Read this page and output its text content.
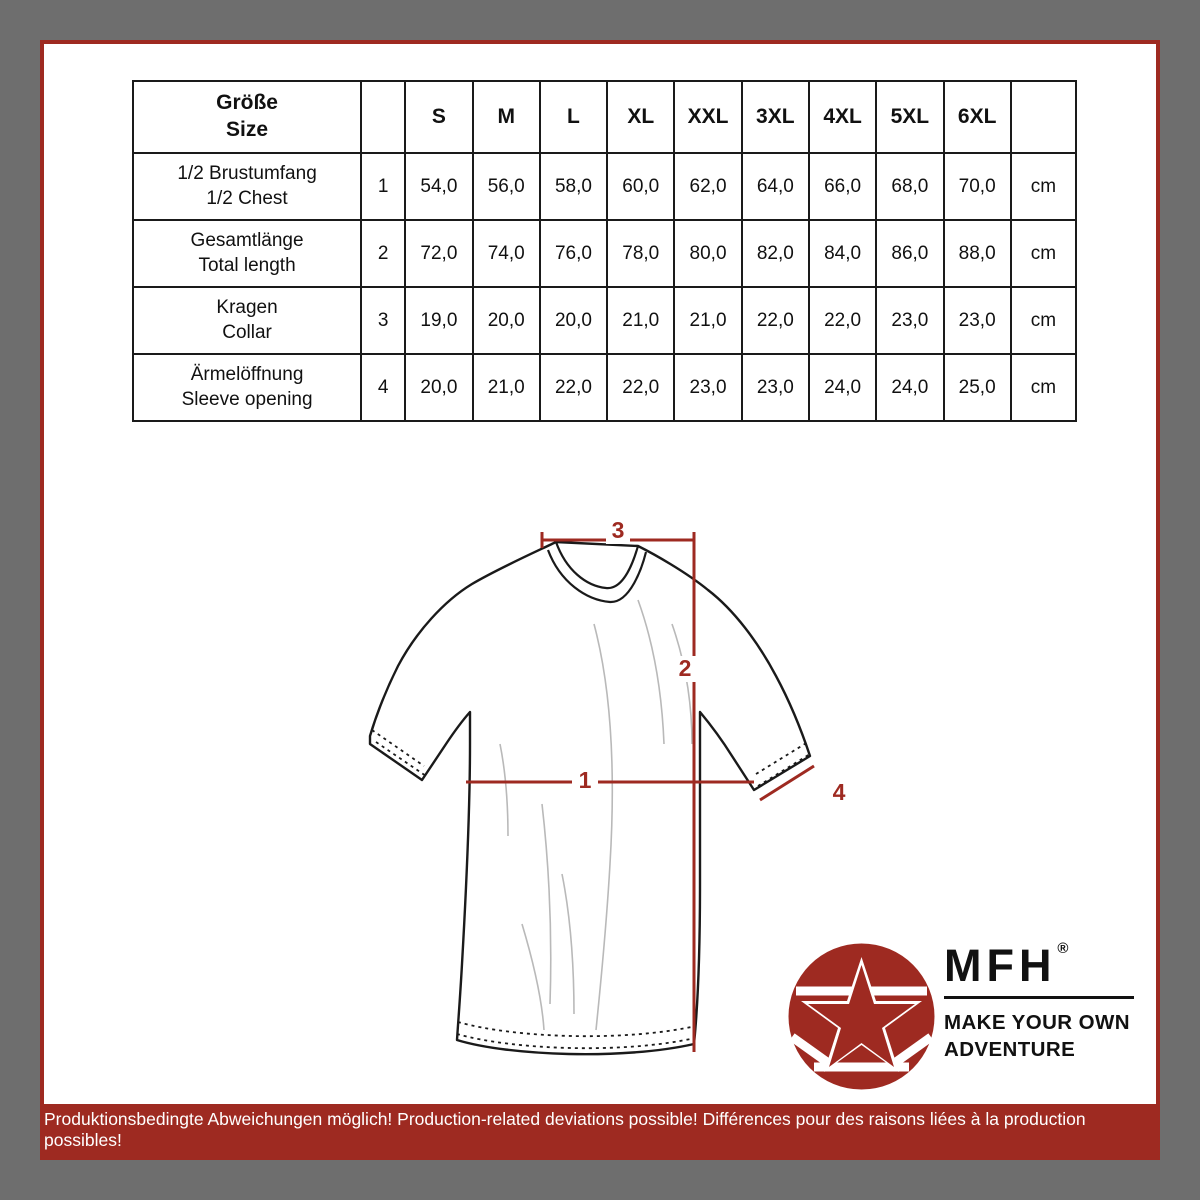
Größe
Size		S	M	L	XL	XXL	3XL	4XL	5XL	6XL	

1/2 Brustumfang
1/2 Chest	1	54,0	56,0	58,0	60,0	62,0	64,0	66,0	68,0	70,0	cm

Gesamtlänge
Total length	2	72,0	74,0	76,0	78,0	80,0	82,0	84,0	86,0	88,0	cm

Kragen
Collar	3	19,0	20,0	20,0	21,0	21,0	22,0	22,0	23,0	23,0	cm

Ärmelöffnung
Sleeve opening	4	20,0	21,0	22,0	22,0	23,0	23,0	24,0	24,0	25,0	cm
3
2
1	4
MFH ®
MAKE YOUR OWN
ADVENTURE
Produktionsbedingte Abweichungen möglich! Production-related deviations possible! Différences pour des raisons liées à la production possibles!
